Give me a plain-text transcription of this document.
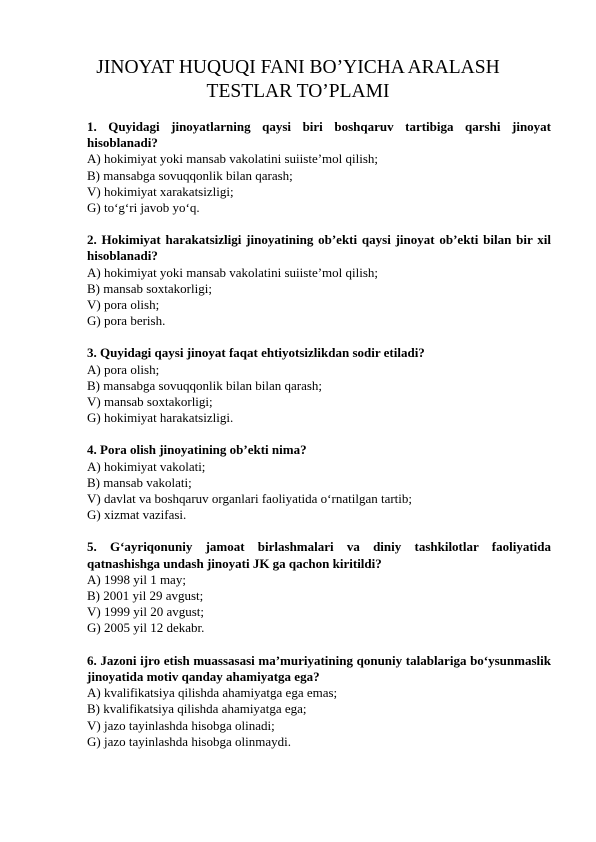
JINOYAT HUQUQI FANI BO’YICHA ARALASH TESTLAR TO’PLAMI

1. Quyidagi jinoyatlarning qaysi biri boshqaruv tartibiga qarshi jinoyat hisoblanadi?

A) hokimiyat yoki mansab vakolatini suiiste’mol qilish;

B) mansabga sovuqqonlik bilan qarash;

V) hokimiyat xarakatsizligi;

G) to‘g‘ri javob yo‘q.

2. Hokimiyat harakatsizligi jinoyatining ob’ekti qaysi jinoyat ob’ekti bilan bir xil hisoblanadi?

A) hokimiyat yoki mansab vakolatini suiiste’mol qilish;

B) mansab soxtakorligi;

V) pora olish;

G) pora berish.

3. Quyidagi qaysi jinoyat faqat ehtiyotsizlikdan sodir etiladi?

A) pora olish;

B) mansabga sovuqqonlik bilan bilan qarash;

V) mansab soxtakorligi;

G) hokimiyat harakatsizligi.

4. Pora olish jinoyatining ob’ekti nima?

A) hokimiyat vakolati;

B) mansab vakolati;

V) davlat va boshqaruv organlari faoliyatida o‘rnatilgan tartib;

G) xizmat vazifasi.

5. G‘ayriqonuniy jamoat birlashmalari va diniy tashkilotlar faoliyatida qatnashishga undash jinoyati JK ga qachon kiritildi?

A) 1998 yil 1 may;

B) 2001 yil 29 avgust;

V) 1999 yil 20 avgust;

G) 2005 yil 12 dekabr.

6. Jazoni ijro etish muassasasi ma’muriyatining qonuniy talablariga bo‘ysunmaslik jinoyatida motiv qanday ahamiyatga ega?

A) kvalifikatsiya qilishda ahamiyatga ega emas;

B) kvalifikatsiya qilishda ahamiyatga ega;

V) jazo tayinlashda hisobga olinadi;

G) jazo tayinlashda hisobga olinmaydi.
